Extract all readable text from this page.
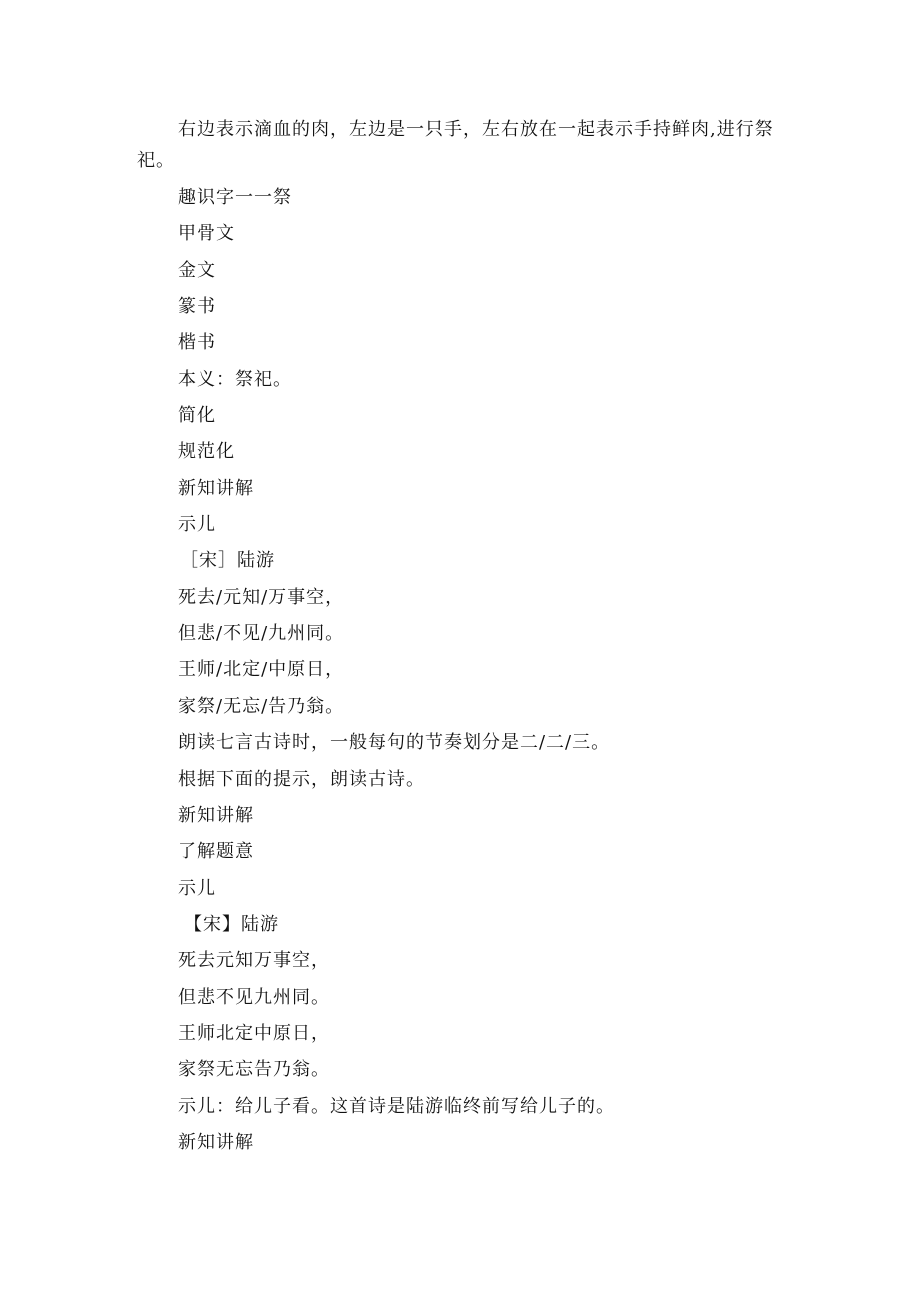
右边表示滴血的肉，左边是一只手，左右放在一起表示手持鲜肉,进行祭祀。

趣识字一一祭
甲骨文
金文
篆书
楷书
本义：祭祀。
简化
规范化
新知讲解
示儿
［宋］陆游
死去/元知/万事空，
但悲/不见/九州同。
王师/北定/中原日，
家祭/无忘/告乃翁。
朗读七言古诗时，一般每句的节奏划分是二/二/三。
根据下面的提示，朗读古诗。
新知讲解
了解题意
示儿
【宋】陆游
死去元知万事空，
但悲不见九州同。
王师北定中原日，
家祭无忘告乃翁。
示儿：给儿子看。这首诗是陆游临终前写给儿子的。
新知讲解
